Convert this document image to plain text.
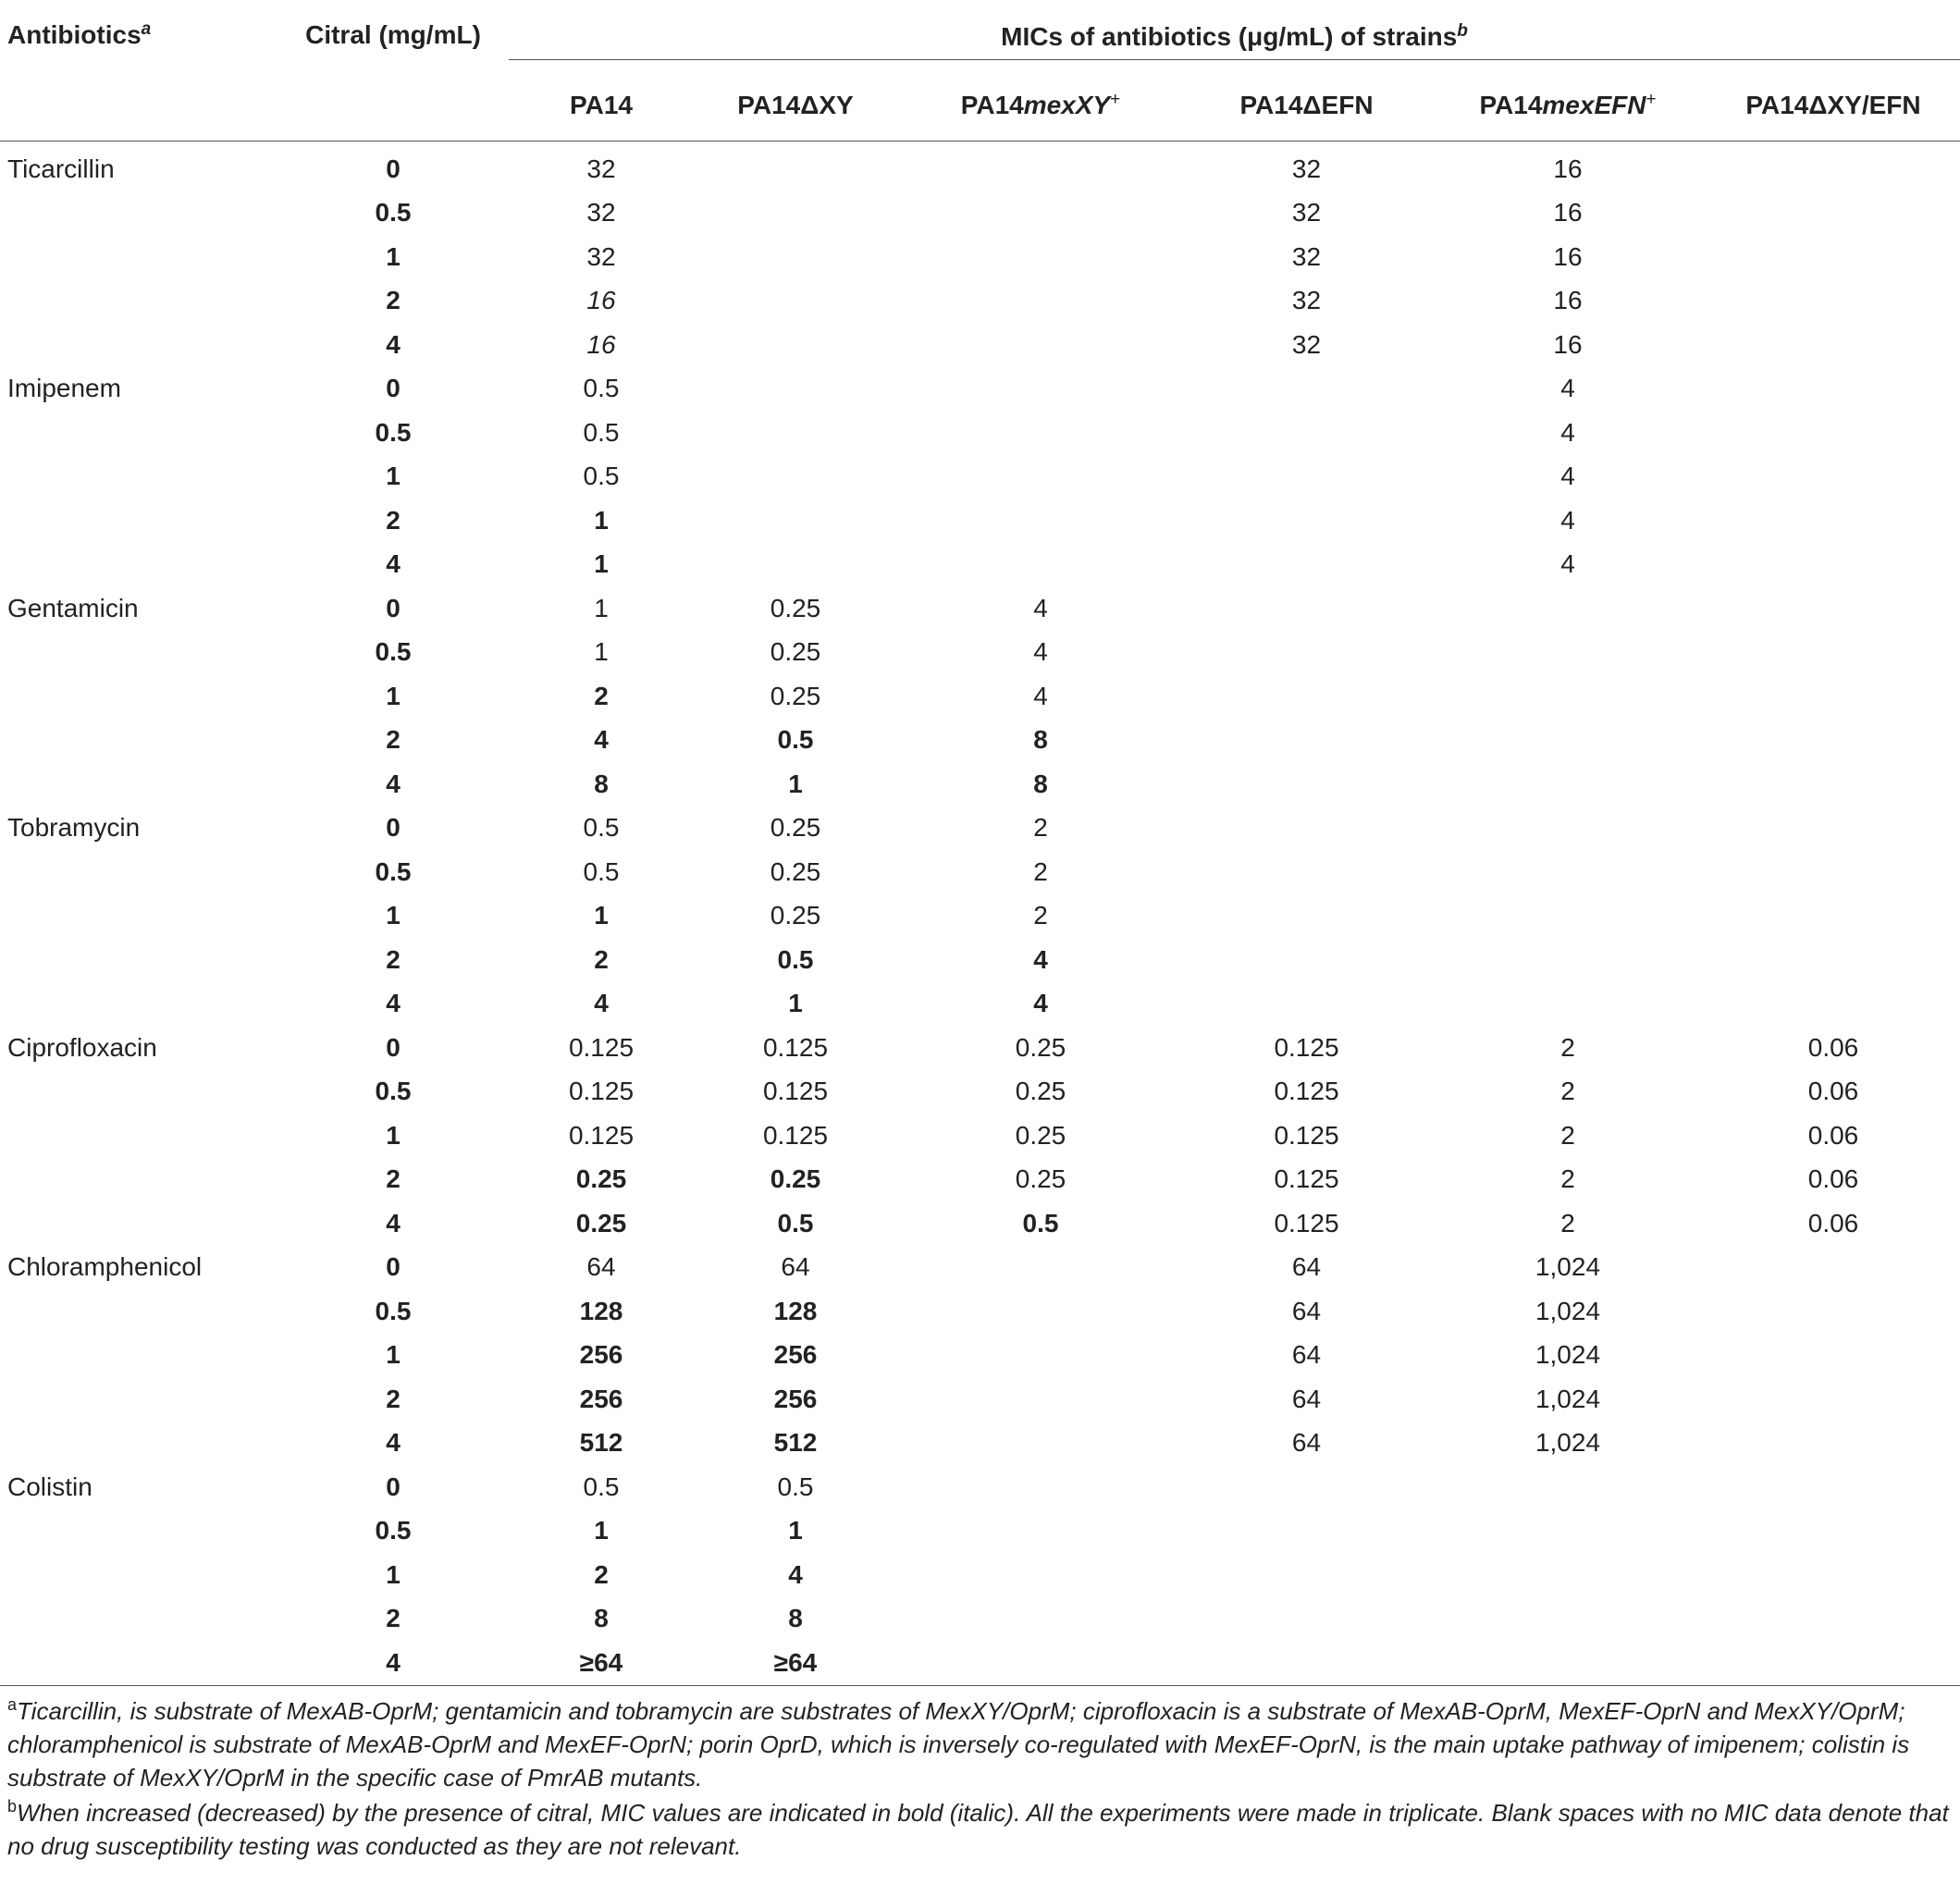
Antibiotics$^a$	Citral (mg/mL)	MICs of antibiotics (μg/mL) of strains$^b$

		PA14	PA14ΔXY	PA14mexXY+	PA14ΔEFN	PA14mexEFN+	PA14ΔXY/EFN
Ticarcillin	0	32			32	16	
	0.5	32			32	16	
	1	32			32	16	
	2	16			32	16	
	4	16			32	16	
Imipenem	0	0.5				4	
	0.5	0.5				4	
	1	0.5				4	
	2	1				4	
	4	1				4	
Gentamicin	0	1	0.25	4			
	0.5	1	0.25	4			
	1	2	0.25	4			
	2	4	0.5	8			
	4	8	1	8			
Tobramycin	0	0.5	0.25	2			
	0.5	0.5	0.25	2			
	1	1	0.25	2			
	2	2	0.5	4			
	4	4	1	4			
Ciprofloxacin	0	0.125	0.125	0.25	0.125	2	0.06
	0.5	0.125	0.125	0.25	0.125	2	0.06
	1	0.125	0.125	0.25	0.125	2	0.06
	2	0.25	0.25	0.25	0.125	2	0.06
	4	0.25	0.5	0.5	0.125	2	0.06
Chloramphenicol	0	64	64		64	1,024	
	0.5	128	128		64	1,024	
	1	256	256		64	1,024	
	2	256	256		64	1,024	
	4	512	512		64	1,024	
Colistin	0	0.5	0.5				
	0.5	1	1				
	1	2	4				
	2	8	8				
	4	≥64	≥64				

$^a$Ticarcillin, is substrate of MexAB-OprM; gentamicin and tobramycin are substrates of MexXY/OprM; ciprofloxacin is a substrate of MexAB-OprM, MexEF-OprN and MexXY/OprM; chloramphenicol is substrate of MexAB-OprM and MexEF-OprN; porin OprD, which is inversely co-regulated with MexEF-OprN, is the main uptake pathway of imipenem; colistin is substrate of MexXY/OprM in the specific case of PmrAB mutants.

$^b$When increased (decreased) by the presence of citral, MIC values are indicated in bold (italic). All the experiments were made in triplicate. Blank spaces with no MIC data denote that no drug susceptibility testing was conducted as they are not relevant.
